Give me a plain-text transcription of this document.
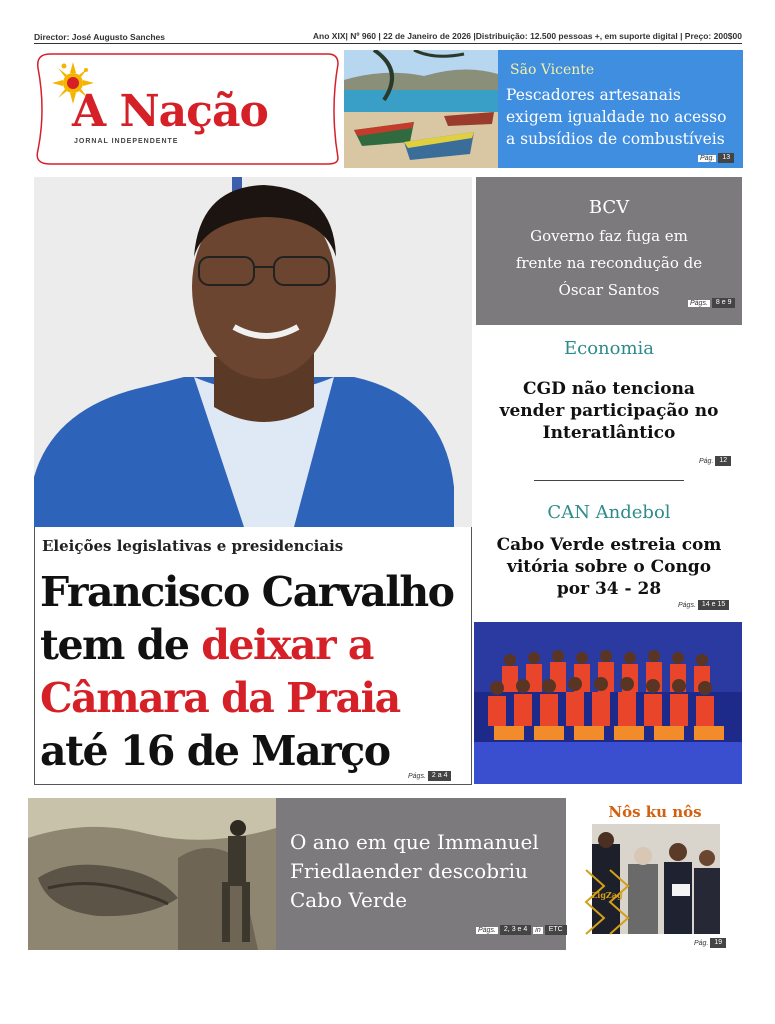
Director: José Augusto Sanches	Ano XIX| Nº 960 | 22 de Janeiro de 2026 |Distribuição: 12.500 pessoas +, em suporte digital | Preço: 200$00
A Nação
JORNAL INDEPENDENTE
São Vicente
Pescadores artesanais exigem igualdade no acesso a subsídios de combustíveis
Pág.	13
BCV
Governo faz fuga em frente na recondução de Óscar Santos
Págs.	8 e 9
Economia
CGD não tenciona vender participação no Interatlântico
Pág. 12
CAN Andebol
Cabo Verde estreia com vitória sobre o Congo por 34 - 28
Págs. 14 e 15
Eleições legislativas e presidenciais
Francisco Carvalho tem de deixar a Câmara da Praia até 16 de Março
Págs. 2 a 4
O ano em que Immanuel Friedlaender descobriu Cabo Verde
Págs.	2, 3 e 4	in	ETC
Nôs ku nôs
ZigZag
Pág. 19
